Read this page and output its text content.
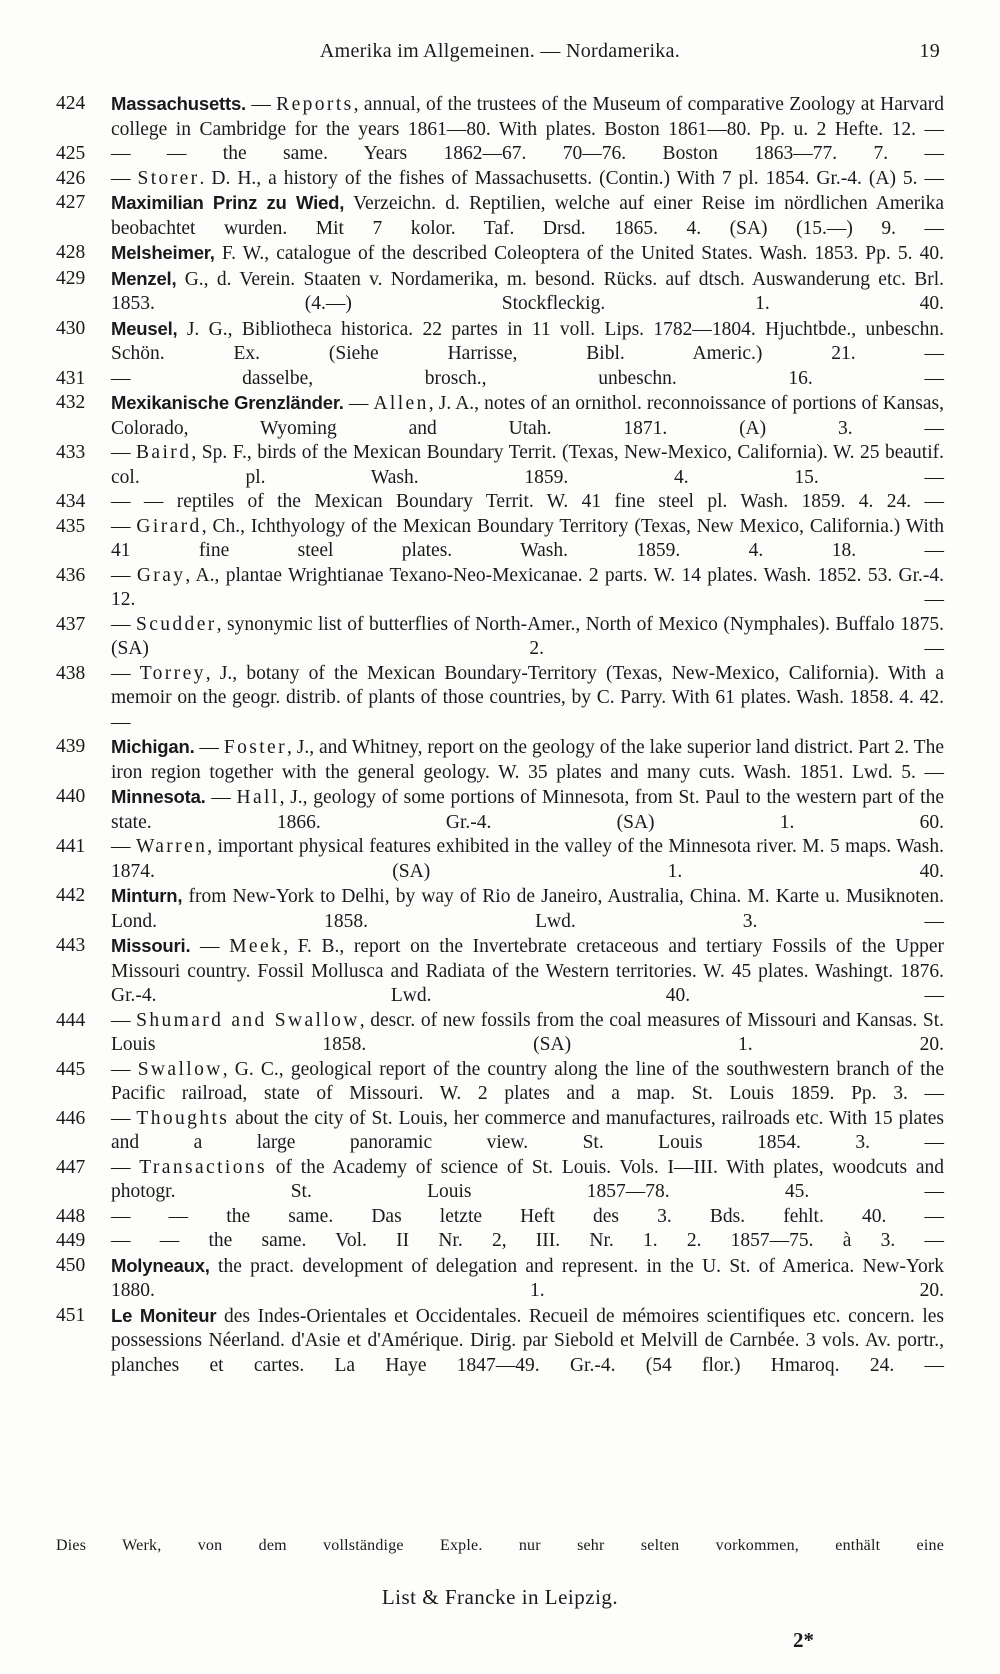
Amerika im Allgemeinen. — Nordamerika.	19
424	Massachusetts. — Reports, annual, of the trustees of the Museum of comparative Zoology at Harvard college in Cambridge for the years 1861—80. With plates. Boston 1861—80. Pp. u. 2 Hefte. 12. —
425	— — the same. Years 1862—67. 70—76. Boston 1863—77. 7. —
426	— Storer. D. H., a history of the fishes of Massachusetts. (Contin.) With 7 pl. 1854. Gr.-4. (A) 5. —
427	Maximilian Prinz zu Wied, Verzeichn. d. Reptilien, welche auf einer Reise im nördlichen Amerika beobachtet wurden. Mit 7 kolor. Taf. Drsd. 1865. 4. (SA) (15.—) 9. —
428	Melsheimer, F. W., catalogue of the described Coleoptera of the United States. Wash. 1853. Pp. 5. 40.
429	Menzel, G., d. Verein. Staaten v. Nordamerika, m. besond. Rücks. auf dtsch. Auswanderung etc. Brl. 1853. (4.—) Stockfleckig. 1. 40.
430	Meusel, J. G., Bibliotheca historica. 22 partes in 11 voll. Lips. 1782—1804. Hjuchtbde., unbeschn. Schön. Ex. (Siehe Harrisse, Bibl. Americ.) 21. —
431	— dasselbe, brosch., unbeschn. 16. —
432	Mexikanische Grenzländer. — Allen, J. A., notes of an ornithol. reconnoissance of portions of Kansas, Colorado, Wyoming and Utah. 1871. (A) 3. —
433	— Baird, Sp. F., birds of the Mexican Boundary Territ. (Texas, New-Mexico, California). W. 25 beautif. col. pl. Wash. 1859. 4. 15. —
434	— — reptiles of the Mexican Boundary Territ. W. 41 fine steel pl. Wash. 1859. 4. 24. —
435	— Girard, Ch., Ichthyology of the Mexican Boundary Territory (Texas, New Mexico, California.) With 41 fine steel plates. Wash. 1859. 4. 18. —
436	— Gray, A., plantae Wrightianae Texano-Neo-Mexicanae. 2 parts. W. 14 plates. Wash. 1852. 53. Gr.-4. 12. —
437	— Scudder, synonymic list of butterflies of North-Amer., North of Mexico (Nymphales). Buffalo 1875. (SA) 2. —
438	— Torrey, J., botany of the Mexican Boundary-Territory (Texas, New-Mexico, California). With a memoir on the geogr. distrib. of plants of those countries, by C. Parry. With 61 plates. Wash. 1858. 4. 42. —
439	Michigan. — Foster, J., and Whitney, report on the geology of the lake superior land district. Part 2. The iron region together with the general geology. W. 35 plates and many cuts. Wash. 1851. Lwd. 5. —
440	Minnesota. — Hall, J., geology of some portions of Minnesota, from St. Paul to the western part of the state. 1866. Gr.-4. (SA) 1. 60.
441	— Warren, important physical features exhibited in the valley of the Minnesota river. M. 5 maps. Wash. 1874. (SA) 1. 40.
442	Minturn, from New-York to Delhi, by way of Rio de Janeiro, Australia, China. M. Karte u. Musiknoten. Lond. 1858. Lwd. 3. —
443	Missouri. — Meek, F. B., report on the Invertebrate cretaceous and tertiary Fossils of the Upper Missouri country. Fossil Mollusca and Radiata of the Western territories. W. 45 plates. Washingt. 1876. Gr.-4. Lwd. 40. —
444	— Shumard and Swallow, descr. of new fossils from the coal measures of Missouri and Kansas. St. Louis 1858. (SA) 1. 20.
445	— Swallow, G. C., geological report of the country along the line of the southwestern branch of the Pacific railroad, state of Missouri. W. 2 plates and a map. St. Louis 1859. Pp. 3. —
446	— Thoughts about the city of St. Louis, her commerce and manufactures, railroads etc. With 15 plates and a large panoramic view. St. Louis 1854. 3. —
447	— Transactions of the Academy of science of St. Louis. Vols. I—III. With plates, woodcuts and photogr. St. Louis 1857—78. 45. —
448	— — the same. Das letzte Heft des 3. Bds. fehlt. 40. —
449	— — the same. Vol. II Nr. 2, III. Nr. 1. 2. 1857—75. à 3. —
450	Molyneaux, the pract. development of delegation and represent. in the U. St. of America. New-York 1880. 1. 20.
451	Le Moniteur des Indes-Orientales et Occidentales. Recueil de mémoires scientifiques etc. concern. les possessions Néerland. d'Asie et d'Amérique. Dirig. par Siebold et Melvill de Carnbée. 3 vols. Av. portr., planches et cartes. La Haye 1847—49. Gr.-4. (54 flor.) Hmaroq. 24. —
Dies Werk, von dem vollständige Exple. nur sehr selten vorkommen, enthält eine
List & Francke in Leipzig.
2*
